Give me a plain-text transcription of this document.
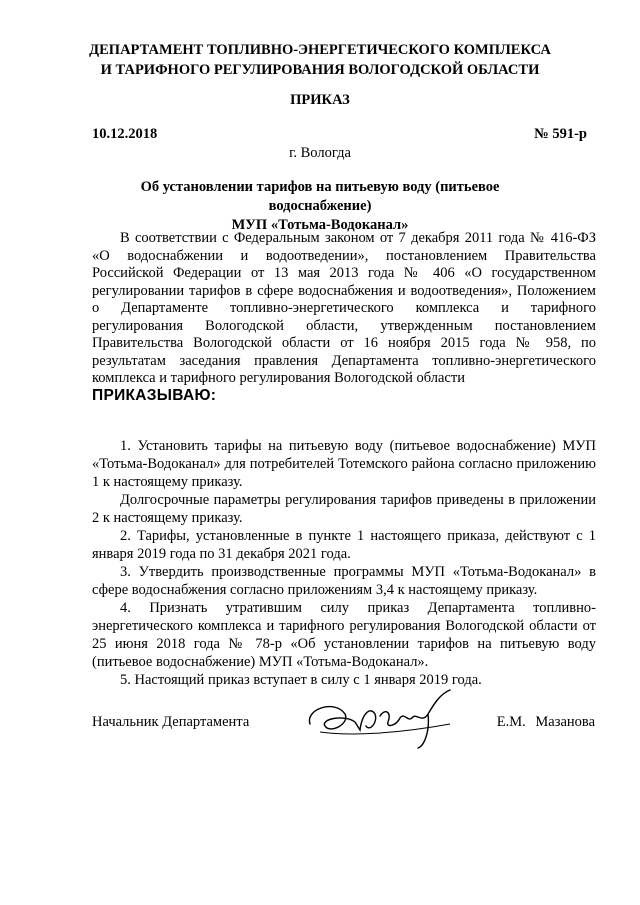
ДЕПАРТАМЕНТ ТОПЛИВНО-ЭНЕРГЕТИЧЕСКОГО КОМПЛЕКСА
И ТАРИФНОГО РЕГУЛИРОВАНИЯ ВОЛОГОДСКОЙ ОБЛАСТИ
ПРИКАЗ
10.12.2018	№ 591-р
г. Вологда
Об установлении тарифов на питьевую воду (питьевое водоснабжение)
МУП «Тотьма-Водоканал»
В соответствии с Федеральным законом от 7 декабря 2011 года № 416-ФЗ «О водоснабжении и водоотведении», постановлением Правительства Российской Федерации от 13 мая 2013 года № 406 «О государственном регулировании тарифов в сфере водоснабжения и водоотведения», Положением о Департаменте топливно-энергетического комплекса и тарифного регулирования Вологодской области, утвержденным постановлением Правительства Вологодской области от 16 ноября 2015 года № 958, по результатам заседания правления Департамента топливно-энергетического комплекса и тарифного регулирования Вологодской области
ПРИКАЗЫВАЮ:

1. Установить тарифы на питьевую воду (питьевое водоснабжение) МУП «Тотьма-Водоканал» для потребителей Тотемского района согласно приложению 1 к настоящему приказу.

Долгосрочные параметры регулирования тарифов приведены в приложении 2 к настоящему приказу.

2. Тарифы, установленные в пункте 1 настоящего приказа, действуют с 1 января 2019 года по 31 декабря 2021 года.

3. Утвердить производственные программы МУП «Тотьма-Водоканал» в сфере водоснабжения согласно приложениям 3,4 к настоящему приказу.

4. Признать утратившим силу приказ Департамента топливно-энергетического комплекса и тарифного регулирования Вологодской области от 25 июня 2018 года № 78-р «Об установлении тарифов на питьевую воду (питьевое водоснабжение) МУП «Тотьма-Водоканал».

5. Настоящий приказ вступает в силу с 1 января 2019 года.

Начальник Департамента	Е.М. Мазанова
